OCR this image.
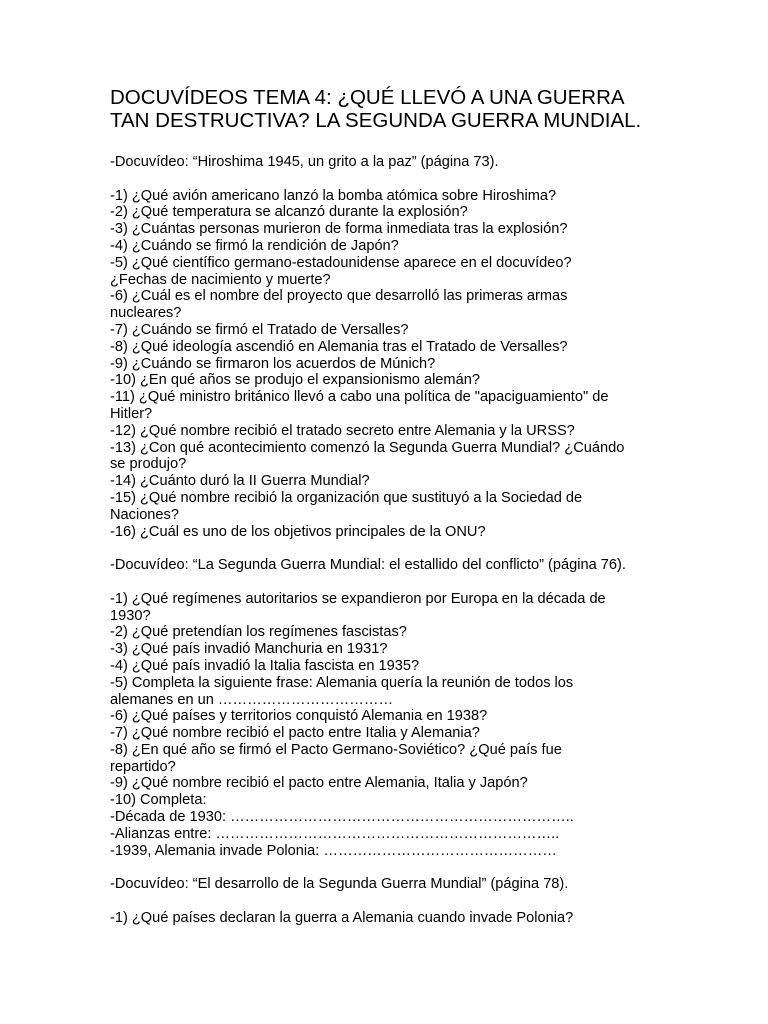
DOCUVÍDEOS TEMA 4: ¿QUÉ LLEVÓ A UNA GUERRA
TAN DESTRUCTIVA? LA SEGUNDA GUERRA MUNDIAL.
-Docuvídeo: “Hiroshima 1945, un grito a la paz” (página 73).
-1) ¿Qué avión americano lanzó la bomba atómica sobre Hiroshima?
-2) ¿Qué temperatura se alcanzó durante la explosión?
-3) ¿Cuántas personas murieron de forma inmediata tras la explosión?
-4) ¿Cuándo se firmó la rendición de Japón?
-5) ¿Qué científico germano-estadounidense aparece en el docuvídeo?
¿Fechas de nacimiento y muerte?
-6) ¿Cuál es el nombre del proyecto que desarrolló las primeras armas
nucleares?
-7) ¿Cuándo se firmó el Tratado de Versalles?
-8) ¿Qué ideología ascendió en Alemania tras el Tratado de Versalles?
-9) ¿Cuándo se firmaron los acuerdos de Múnich?
-10) ¿En qué años se produjo el expansionismo alemán?
-11) ¿Qué ministro británico llevó a cabo una política de "apaciguamiento" de
Hitler?
-12) ¿Qué nombre recibió el tratado secreto entre Alemania y la URSS?
-13) ¿Con qué acontecimiento comenzó la Segunda Guerra Mundial? ¿Cuándo
se produjo?
-14) ¿Cuánto duró la II Guerra Mundial?
-15) ¿Qué nombre recibió la organización que sustituyó a la Sociedad de
Naciones?
-16) ¿Cuál es uno de los objetivos principales de la ONU?
-Docuvídeo: “La Segunda Guerra Mundial: el estallido del conflicto” (página 76).
-1) ¿Qué regímenes autoritarios se expandieron por Europa en la década de
1930?
-2) ¿Qué pretendían los regímenes fascistas?
-3) ¿Qué país invadió Manchuria en 1931?
-4) ¿Qué país invadió la Italia fascista en 1935?
-5) Completa la siguiente frase: Alemania quería la reunión de todos los
alemanes en un ………………………………
-6) ¿Qué países y territorios conquistó Alemania en 1938?
-7) ¿Qué nombre recibió el pacto entre Italia y Alemania?
-8) ¿En qué año se firmó el Pacto Germano-Soviético? ¿Qué país fue
repartido?
-9) ¿Qué nombre recibió el pacto entre Alemania, Italia y Japón?
-10) Completa:
-Década de 1930: ……………………………………………………………..
-Alianzas entre: ……………………………………………………………..
-1939, Alemania invade Polonia: …………………………………………
-Docuvídeo: “El desarrollo de la Segunda Guerra Mundial” (página 78).
-1) ¿Qué países declaran la guerra a Alemania cuando invade Polonia?
